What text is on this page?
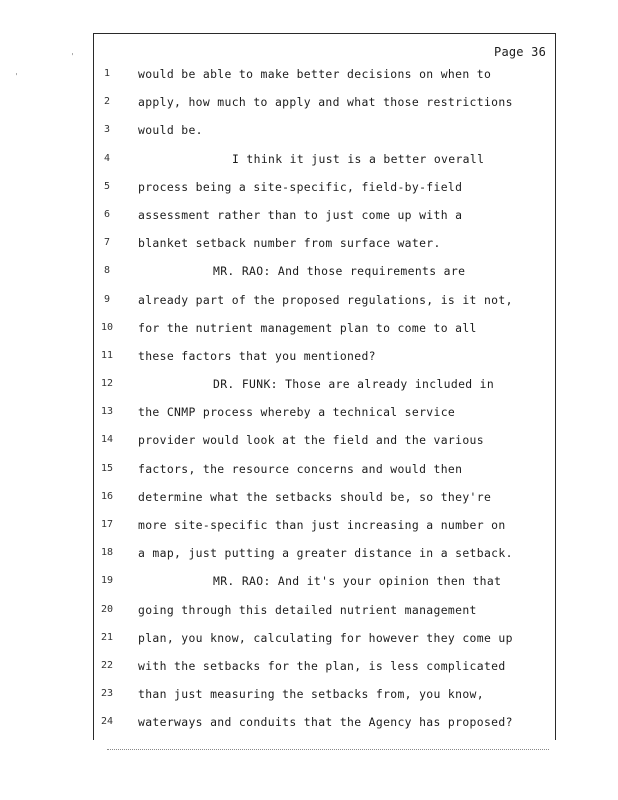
'
'	Page 36
1	would be able to make better decisions on when to
2	apply, how much to apply and what those restrictions
3	would be.
4	I think it just is a better overall
5	process being a site-specific, field-by-field
6	assessment rather than to just come up with a
7	blanket setback number from surface water.
8	MR. RAO: And those requirements are
9	already part of the proposed regulations, is it not,
10 for the nutrient management plan to come to all
11 these factors that you mentioned?
12	DR. FUNK: Those are already included in
13 the CNMP process whereby a technical service
14 provider would look at the field and the various
15 factors, the resource concerns and would then
16 determine what the setbacks should be, so they're
17 more site-specific than just increasing a number on
18 a map, just putting a greater distance in a setback.
19	MR. RAO: And it's your opinion then that
20 going through this detailed nutrient management
21 plan, you know, calculating for however they come up
22 with the setbacks for the plan, is less complicated
23 than just measuring the setbacks from, you know,
24 waterways and conduits that the Agency has proposed?
